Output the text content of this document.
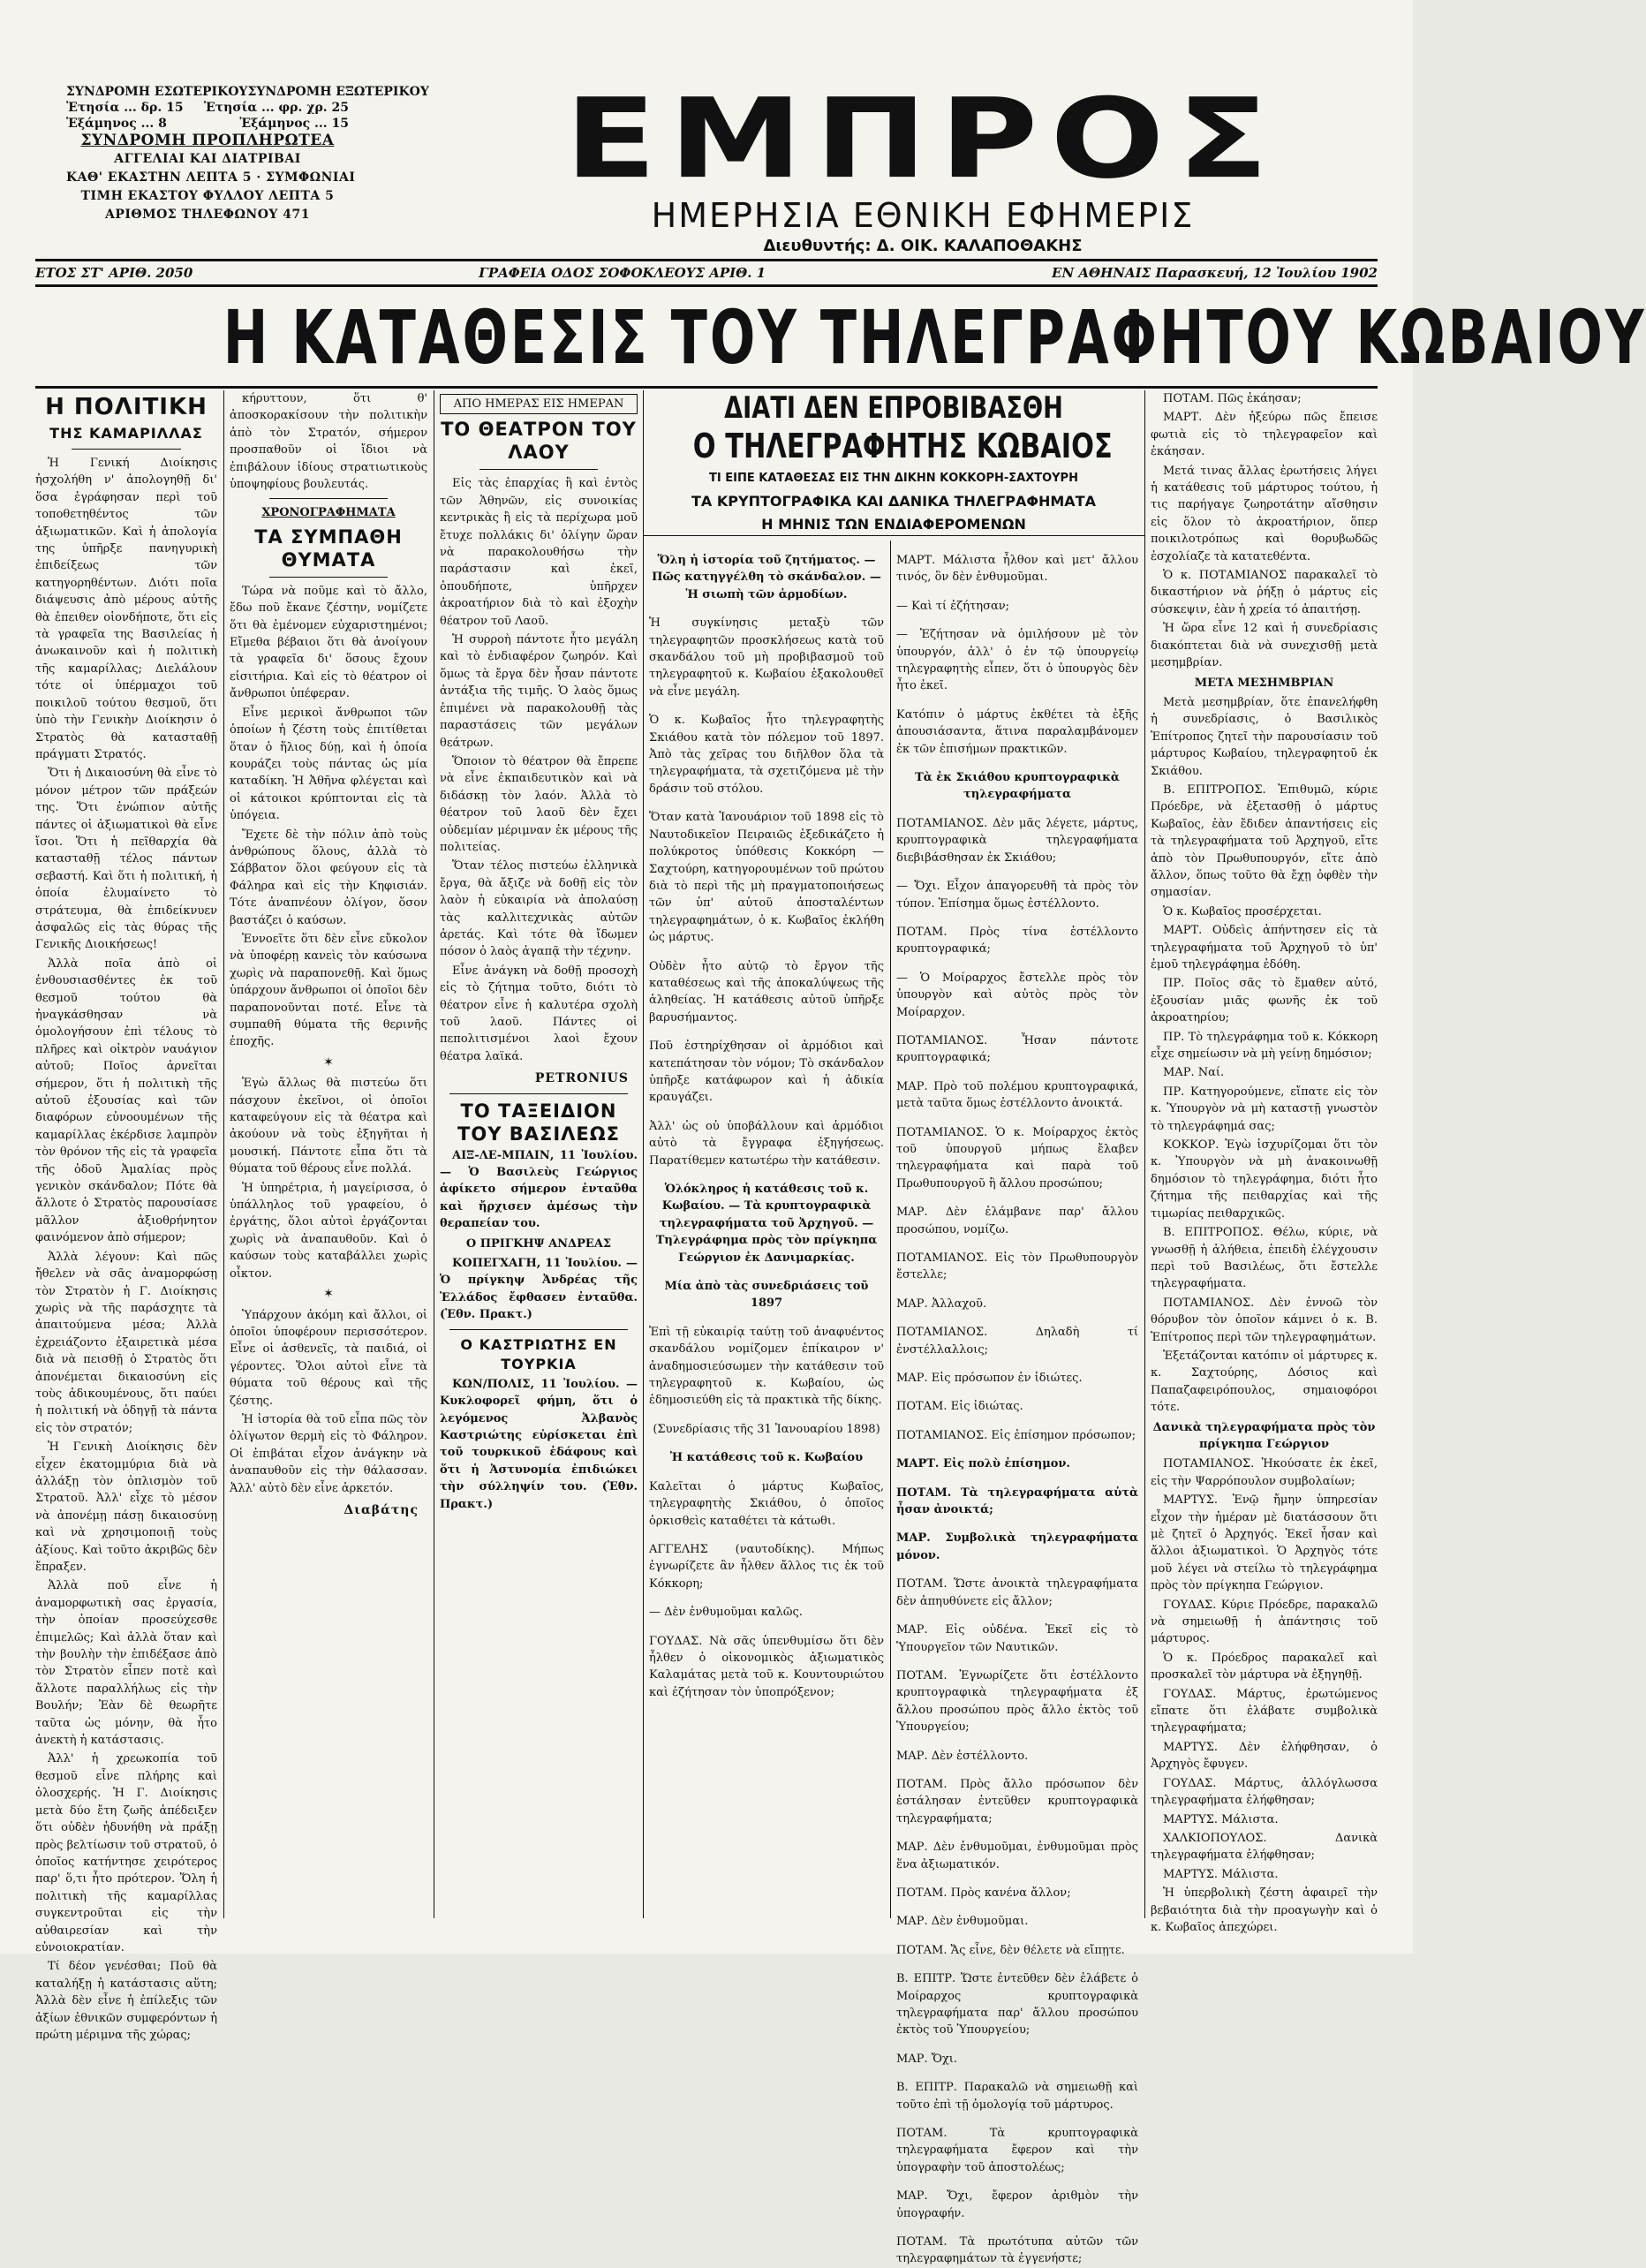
ΣΥΝΔΡΟΜΗ ΕΣΩΤΕΡΙΚΟΥ ΣΥΝΔΡΟΜΗ ΕΞΩΤΕΡΙΚΟΥ
Ἐτησία ... δρ. 15 Ἐτησία ... φρ. χρ. 25
Ἑξάμηνος ... 8	Ἑξάμηνος ... 15
ΣΥΝΔΡΟΜΗ ΠΡΟΠΛΗΡΩΤΕΑ
ΑΓΓΕΛΙΑΙ ΚΑΙ ΔΙΑΤΡΙΒΑΙ
ΚΑΘ' ΕΚΑΣΤΗΝ ΛΕΠΤΑ 5 · ΣΥΜΦΩΝΙΑΙ
ΤΙΜΗ ΕΚΑΣΤΟΥ ΦΥΛΛΟΥ ΛΕΠΤΑ 5
ΑΡΙΘΜΟΣ ΤΗΛΕΦΩΝΟΥ 471
ΕΜΠΡΟΣ
ΗΜΕΡΗΣΙΑ ΕΘΝΙΚΗ ΕΦΗΜΕΡΙΣ
Διευθυντής: Δ. ΟΙΚ. ΚΑΛΑΠΟΘΑΚΗΣ
ΕΤΟΣ ΣΤ' ΑΡΙΘ. 2050	ΓΡΑΦΕΙΑ ΟΔΟΣ ΣΟΦΟΚΛΕΟΥΣ ΑΡΙΘ. 1	ΕΝ ΑΘΗΝΑΙΣ Παρασκευή, 12 Ἰουλίου 1902
Η ΚΑΤΑΘΕΣΙΣ ΤΟΥ ΤΗΛΕΓΡΑΦΗΤΟΥ ΚΩΒΑΙΟΥ
Η ΠΟΛΙΤΙΚΗ
ΤΗΣ ΚΑΜΑΡΙΛΛΑΣ

Ἡ Γενική Διοίκησις ἠσχολήθη ν' ἀπολογηθῇ δι' ὅσα ἐγράφησαν περὶ τοῦ τοποθετηθέντος τῶν ἀξιωματικῶν. Καὶ ἡ ἀπολογία της ὑπῆρξε πανηγυρικὴ ἐπιδείξεως τῶν κατηγορηθέντων. Διότι ποῖα διάψευσις ἀπὸ μέρους αὐτῆς θὰ ἐπειθεν οἱονδήποτε, ὅτι εἰς τὰ γραφεῖα της Βασιλείας ἡ ἀνωκαινοῦν καὶ ἡ πολιτικὴ τῆς καμαρίλλας; Διελάλουν τότε οἱ ὑπέρμαχοι τοῦ ποικιλοῦ τούτου θεσμοῦ, ὅτι ὑπὸ τὴν Γενικὴν Διοίκησιν ὁ Στρατὸς θὰ κατασταθῇ πράγματι Στρατός.

Ὅτι ἡ Δικαιοσύνη θὰ εἶνε τὸ μόνον μέτρον τῶν πράξεών της. Ὅτι ἐνώπιον αὐτῆς πάντες οἱ ἀξιωματικοὶ θὰ εἶνε ἴσοι. Ὅτι ἡ πεῖθαρχία θὰ κατασταθῇ τέλος πάντων σεβαστή. Καὶ ὅτι ἡ πολιτική, ἡ ὁποία ἐλυμαίνετο τὸ στράτευμα, θὰ ἐπιδείκνυεν ἀσφαλῶς εἰς τὰς θύρας τῆς Γενικῆς Διοικήσεως!

Ἀλλὰ ποῖα ἀπὸ οἱ ἐνθουσιασθέντες ἐκ τοῦ θεσμοῦ τούτου θὰ ἠναγκάσθησαν νὰ ὁμολογήσουν ἐπὶ τέλους τὸ πλῆρες καὶ οἰκτρὸν ναυάγιον αὐτοῦ; Ποῖος ἀρνεῖται σήμερον, ὅτι ἡ πολιτικὴ τῆς αὐτοῦ ἐξουσίας καὶ τῶν διαφόρων εὐνοουμένων τῆς καμαρίλλας ἐκέρδισε λαμπρὸν τὸν θρόνον τῆς εἰς τὰ γραφεῖα τῆς ὁδοῦ Ἀμαλίας πρὸς γενικὸν σκάνδαλον; Πότε θὰ ἄλλοτε ὁ Στρατὸς παρουσίασε μᾶλλον ἀξιοθρήνητον φαινόμενον ἀπὸ σήμερον;

Ἀλλὰ λέγουν: Καὶ πῶς ἤθελεν νὰ σᾶς ἀναμορφώσῃ τὸν Στρατὸν ἡ Γ. Διοίκησις χωρὶς νὰ τῆς παράσχητε τὰ ἀπαιτούμενα μέσα; Ἀλλὰ ἐχρειάζοντο ἐξαιρετικὰ μέσα διὰ νὰ πεισθῇ ὁ Στρατὸς ὅτι ἀπονέμεται δικαιοσύνη εἰς τοὺς ἀδικουμένους, ὅτι παύει ἡ πολιτική νὰ ὁδηγῇ τὰ πάντα εἰς τὸν στρατόν;

Ἡ Γενικὴ Διοίκησις δὲν εἶχεν ἐκατομμύρια διὰ νὰ ἀλλάξῃ τὸν ὁπλισμὸν τοῦ Στρατοῦ. Ἀλλ' εἶχε τὸ μέσον νὰ ἀπονέμῃ πάσῃ δικαιοσύνῃ καὶ νὰ χρησιμοποιῇ τοὺς ἀξίους. Καὶ τοῦτο ἀκριβῶς δὲν ἔπραξεν.

Ἀλλὰ ποῦ εἶνε ἡ ἀναμορφωτικὴ σας ἐργασία, τὴν ὁποίαν προσεύχεσθε ἐπιμελῶς; Καὶ ἀλλὰ ὅταν καὶ τὴν βουλὴν τὴν ἐπιδέξασε ἀπὸ τὸν Στρατὸν εἶπεν ποτὲ καὶ ἄλλοτε παραλλήλως εἰς τὴν Βουλήν; Ἐὰν δὲ θεωρῆτε ταῦτα ὡς μόνην, θὰ ἦτο ἀνεκτὴ ἡ κατάστασις.

Ἀλλ' ἡ χρεωκοπία τοῦ θεσμοῦ εἶνε πλήρης καὶ ὁλοσχερής. Ἡ Γ. Διοίκησις μετὰ δύο ἔτη ζωῆς ἀπέδειξεν ὅτι οὐδὲν ἠδυνήθη νὰ πράξῃ πρὸς βελτίωσιν τοῦ στρατοῦ, ὁ ὁποῖος κατήντησε χειρότερος παρ' ὅ,τι ἦτο πρότερον. Ὅλη ἡ πολιτικὴ τῆς καμαρίλλας συγκεντροῦται εἰς τὴν αὐθαιρεσίαν καὶ τὴν εὐνοιοκρατίαν.

Τί δέον γενέσθαι; Ποῦ θὰ καταλήξῃ ἡ κατάστασις αὕτη; Ἀλλὰ δὲν εἶνε ἡ ἐπίλεξις τῶν ἀξίων ἐθνικῶν συμφερόντων ἡ πρώτη μέριμνα τῆς χώρας;

κήρυττουν, ὅτι θ' ἀποσκορακίσουν τὴν πολιτικὴν ἀπὸ τὸν Στρατόν, σήμερον προσπαθοῦν οἱ ἴδιοι νὰ ἐπιβάλουν ἰδίους στρατιωτικοὺς ὑποψηφίους βουλευτάς.

ΧΡΟΝΟΓΡΑΦΗΜΑΤΑ
ΤΑ ΣΥΜΠΑΘΗ ΘΥΜΑΤΑ

Τώρα νὰ ποῦμε καὶ τὸ ἄλλο, ἔδω ποῦ ἔκανε ζέστην, νομίζετε ὅτι θὰ ἐμένομεν εὐχαριστημένοι; Εἴμεθα βέβαιοι ὅτι θὰ ἀνοίγουν τὰ γραφεῖα δι' ὅσους ἔχουν εἰσιτήρια. Καὶ εἰς τὸ θέατρον οἱ ἄνθρωποι ὑπέφεραν.

Εἶνε μερικοὶ ἄνθρωποι τῶν ὁποίων ἡ ζέστη τοὺς ἐπιτίθεται ὅταν ὁ ἥλιος δύῃ, καὶ ἡ ὁποία κουράζει τοὺς πάντας ὡς μία καταδίκη. Ἡ Ἀθῆνα φλέγεται καὶ οἱ κάτοικοι κρύπτονται εἰς τὰ ὑπόγεια.

Ἔχετε δὲ τὴν πόλιν ἀπὸ τοὺς ἀνθρώπους ὅλους, ἀλλὰ τὸ Σάββατον ὅλοι φεύγουν εἰς τὰ Φάληρα καὶ εἰς τὴν Κηφισιάν. Τότε ἀναπνέουν ὀλίγον, ὅσον βαστάζει ὁ καύσων.

Ἐννοεῖτε ὅτι δὲν εἶνε εὔκολον νὰ ὑποφέρῃ κανεὶς τὸν καύσωνα χωρὶς νὰ παραπονεθῇ. Καὶ ὅμως ὑπάρχουν ἄνθρωποι οἱ ὁποῖοι δὲν παραπονοῦνται ποτέ. Εἶνε τὰ συμπαθῆ θύματα τῆς θερινῆς ἐποχῆς.

✶

Ἐγὼ ἄλλως θὰ πιστεύω ὅτι πάσχουν ἐκεῖνοι, οἱ ὁποῖοι καταφεύγουν εἰς τὰ θέατρα καὶ ἀκούουν νὰ τοὺς ἐξηγῆται ἡ μουσική. Πάντοτε εἶπα ὅτι τὰ θύματα τοῦ θέρους εἶνε πολλά.

Ἡ ὑπηρέτρια, ἡ μαγείρισσα, ὁ ὑπάλληλος τοῦ γραφείου, ὁ ἐργάτης, ὅλοι αὐτοὶ ἐργάζονται χωρὶς νὰ ἀναπαυθοῦν. Καὶ ὁ καύσων τοὺς καταβάλλει χωρὶς οἶκτον.

✶

Ὑπάρχουν ἀκόμη καὶ ἄλλοι, οἱ ὁποῖοι ὑποφέρουν περισσότερον. Εἶνε οἱ ἀσθενεῖς, τὰ παιδιά, οἱ γέροντες. Ὅλοι αὐτοὶ εἶνε τὰ θύματα τοῦ θέρους καὶ τῆς ζέστης.

Ἡ ἱστορία θὰ τοῦ εἶπα πῶς τὸν ὀλίγωτον θερμὴ εἰς τὸ Φάληρον. Οἱ ἐπιβάται εἶχον ἀνάγκην νὰ ἀναπαυθοῦν εἰς τὴν θάλασσαν. Ἀλλ' αὐτὸ δὲν εἶνε ἀρκετόν.

Διαβάτης
ΑΠΟ ΗΜΕΡΑΣ ΕΙΣ ΗΜΕΡΑΝ
ΤΟ ΘΕΑΤΡΟΝ ΤΟΥ ΛΑΟΥ

Εἰς τὰς ἐπαρχίας ἢ καὶ ἐντὸς τῶν Ἀθηνῶν, εἰς συνοικίας κεντρικὰς ἢ εἰς τὰ περίχωρα μοῦ ἔτυχε πολλάκις δι' ὀλίγην ὥραν νὰ παρακολουθήσω τὴν παράστασιν καὶ ἐκεῖ, ὁπουδήποτε, ὑπῆρχεν ἀκροατήριον διὰ τὸ καὶ ἐξοχὴν θέατρον τοῦ Λαοῦ.

Ἡ συρροὴ πάντοτε ἦτο μεγάλη καὶ τὸ ἐνδιαφέρον ζωηρόν. Καὶ ὅμως τὰ ἔργα δὲν ἦσαν πάντοτε ἀντάξια τῆς τιμῆς. Ὁ λαὸς ὅμως ἐπιμένει νὰ παρακολουθῇ τὰς παραστάσεις τῶν μεγάλων θεάτρων.

Ὅποιον τὸ θέατρον θὰ ἔπρεπε νὰ εἶνε ἐκπαιδευτικὸν καὶ νὰ διδάσκῃ τὸν λαόν. Ἀλλὰ τὸ θέατρον τοῦ λαοῦ δὲν ἔχει οὐδεμίαν μέριμναν ἐκ μέρους τῆς πολιτείας.

Ὅταν τέλος πιστεύω ἑλληνικὰ ἔργα, θὰ ἄξιζε νὰ δοθῇ εἰς τὸν λαὸν ἡ εὐκαιρία νὰ ἀπολαύσῃ τὰς καλλιτεχνικὰς αὐτῶν ἀρετάς. Καὶ τότε θὰ ἴδωμεν πόσον ὁ λαὸς ἀγαπᾷ τὴν τέχνην.

Εἶνε ἀνάγκη νὰ δοθῇ προσοχὴ εἰς τὸ ζήτημα τοῦτο, διότι τὸ θέατρον εἶνε ἡ καλυτέρα σχολὴ τοῦ λαοῦ. Πάντες οἱ πεπολιτισμένοι λαοὶ ἔχουν θέατρα λαϊκά.

PETRONIUS
ΤΟ ΤΑΞΕΙΔΙΟΝ ΤΟΥ ΒΑΣΙΛΕΩΣ

ΑΙΞ-ΛΕ-ΜΠΑΙΝ, 11 Ἰουλίου. — Ὁ Βασιλεὺς Γεώργιος ἀφίκετο σήμερον ἐνταῦθα καὶ ἤρχισεν ἀμέσως τὴν θεραπείαν του.

Ο ΠΡΙΓΚΗΨ ΑΝΔΡΕΑΣ

ΚΟΠΕΓΧΑΓΗ, 11 Ἰουλίου. — Ὁ πρίγκηψ Ἀνδρέας τῆς Ἑλλάδος ἔφθασεν ἐνταῦθα. (Ἐθν. Πρακτ.)

Ο ΚΑΣΤΡΙΩΤΗΣ ΕΝ ΤΟΥΡΚΙΑ

ΚΩΝ/ΠΟΛΙΣ, 11 Ἰουλίου. — Κυκλοφορεῖ φήμη, ὅτι ὁ λεγόμενος Ἀλβανὸς Καστριώτης εὑρίσκεται ἐπὶ τοῦ τουρκικοῦ ἐδάφους καὶ ὅτι ἡ Ἀστυνομία ἐπιδιώκει τὴν σύλληψίν του. (Ἐθν. Πρακτ.)

ΔΙΑΤΙ ΔΕΝ ΕΠΡΟΒΙΒΑΣΘΗ
Ο ΤΗΛΕΓΡΑΦΗΤΗΣ ΚΩΒΑΙΟΣ
ΤΙ ΕΙΠΕ ΚΑΤΑΘΕΣΑΣ ΕΙΣ ΤΗΝ ΔΙΚΗΝ ΚΟΚΚΟΡΗ-ΣΑΧΤΟΥΡΗ
ΤΑ ΚΡΥΠΤΟΓΡΑΦΙΚΑ ΚΑΙ ΔΑΝΙΚΑ ΤΗΛΕΓΡΑΦΗΜΑΤΑ
Η ΜΗΝΙΣ ΤΩΝ ΕΝΔΙΑΦΕΡΟΜΕΝΩΝ

Ὅλη ἡ ἱστορία τοῦ ζητήματος. — Πῶς κατηγγέλθη τὸ σκάνδαλον. — Ἡ σιωπὴ τῶν ἁρμοδίων.

Ἡ συγκίνησις μεταξὺ τῶν τηλεγραφητῶν προσκλήσεως κατὰ τοῦ σκανδάλου τοῦ μὴ προβιβασμοῦ τοῦ τηλεγραφητοῦ κ. Κωβαίου ἐξακολουθεῖ νὰ εἶνε μεγάλη.

Ὁ κ. Κωβαῖος ἦτο τηλεγραφητὴς Σκιάθου κατὰ τὸν πόλεμον τοῦ 1897. Ἀπὸ τὰς χεῖρας του διῆλθον ὅλα τὰ τηλεγραφήματα, τὰ σχετιζόμενα μὲ τὴν δράσιν τοῦ στόλου.

Ὅταν κατὰ Ἰανουάριον τοῦ 1898 εἰς τὸ Ναυτοδικεῖον Πειραιῶς ἐξεδικάζετο ἡ πολύκροτος ὑπόθεσις Κοκκόρη — Σαχτούρη, κατηγορουμένων τοῦ πρώτου διὰ τὸ περὶ τῆς μὴ πραγματοποιήσεως τῶν ὑπ' αὐτοῦ ἀποσταλέντων τηλεγραφημάτων, ὁ κ. Κωβαῖος ἐκλήθη ὡς μάρτυς.

Οὐδὲν ἦτο αὐτῷ τὸ ἔργον τῆς καταθέσεως καὶ τῆς ἀποκαλύψεως τῆς ἀληθείας. Ἡ κατάθεσις αὐτοῦ ὑπῆρξε βαρυσήμαντος.

Ποῦ ἐστηρίχθησαν οἱ ἁρμόδιοι καὶ κατεπάτησαν τὸν νόμον; Τὸ σκάνδαλον ὑπῆρξε κατάφωρον καὶ ἡ ἀδικία κραυγάζει.

Ἀλλ' ὡς οὐ ὑποβάλλουν καὶ ἁρμόδιοι αὐτὸ τὰ ἔγγραφα ἐξηγήσεως. Παρατίθεμεν κατωτέρω τὴν κατάθεσιν.

Ὁλόκληρος ἡ κατάθεσις τοῦ κ. Κωβαίου. — Τὰ κρυπτογραφικὰ τηλεγραφήματα τοῦ Ἀρχηγοῦ. — Τηλεγράφημα πρὸς τὸν πρίγκηπα Γεώργιον ἐκ Δανιμαρκίας.

Μία ἀπὸ τὰς συνεδριάσεις τοῦ 1897

Ἐπὶ τῇ εὐκαιρίᾳ ταύτῃ τοῦ ἀναφυέντος σκανδάλου νομίζομεν ἐπίκαιρον ν' ἀναδημοσιεύσωμεν τὴν κατάθεσιν τοῦ τηλεγραφητοῦ κ. Κωβαίου, ὡς ἐδημοσιεύθη εἰς τὰ πρακτικὰ τῆς δίκης.

(Συνεδρίασις τῆς 31 Ἰανουαρίου 1898)

Ἡ κατάθεσις τοῦ κ. Κωβαίου

Καλεῖται ὁ μάρτυς Κωβαῖος, τηλεγραφητὴς Σκιάθου, ὁ ὁποῖος ὁρκισθεὶς καταθέτει τὰ κάτωθι.

ΑΓΓΕΛΗΣ (ναυτοδίκης). Μήπως ἐγνωρίζετε ἂν ἦλθεν ἄλλος τις ἐκ τοῦ Κόκκορη;

— Δὲν ἐνθυμοῦμαι καλῶς.

ΓΟΥΔΑΣ. Νὰ σᾶς ὑπενθυμίσω ὅτι δὲν ἦλθεν ὁ οἰκονομικὸς ἀξιωματικὸς Καλαμάτας μετὰ τοῦ κ. Κουντουριώτου καὶ ἐζήτησαν τὸν ὑποπρόξενον;

ΜΑΡΤ. Μάλιστα ἦλθον καὶ μετ' ἄλλου τινός, ὃν δὲν ἐνθυμοῦμαι.

— Καὶ τί ἐζήτησαν;

— Ἐζήτησαν νὰ ὁμιλήσουν μὲ τὸν ὑπουργόν, ἀλλ' ὁ ἐν τῷ ὑπουργείῳ τηλεγραφητὴς εἶπεν, ὅτι ὁ ὑπουργὸς δὲν ἦτο ἐκεῖ.

Κατόπιν ὁ μάρτυς ἐκθέτει τὰ ἐξῆς ἀπουσιάσαντα, ἅτινα παραλαμβάνομεν ἐκ τῶν ἐπισήμων πρακτικῶν.

Τὰ ἐκ Σκιάθου κρυπτογραφικὰ τηλεγραφήματα

ΠΟΤΑΜΙΑΝΟΣ. Δὲν μᾶς λέγετε, μάρτυς, κρυπτογραφικὰ τηλεγραφήματα διεβιβάσθησαν ἐκ Σκιάθου;

— Ὄχι. Εἶχον ἀπαγορευθῆ τὰ πρὸς τὸν τύπον. Ἐπίσημα ὅμως ἐστέλλοντο.

ΠΟΤΑΜ. Πρὸς τίνα ἐστέλλοντο κρυπτογραφικά;

— Ὁ Μοίραρχος ἔστελλε πρὸς τὸν ὑπουργὸν καὶ αὐτὸς πρὸς τὸν Μοίραρχον.

ΠΟΤΑΜΙΑΝΟΣ. Ἦσαν πάντοτε κρυπτογραφικά;

ΜΑΡ. Πρὸ τοῦ πολέμου κρυπτογραφικά, μετὰ ταῦτα ὅμως ἐστέλλοντο ἀνοικτά.

ΠΟΤΑΜΙΑΝΟΣ. Ὁ κ. Μοίραρχος ἐκτὸς τοῦ ὑπουργοῦ μήπως ἔλαβεν τηλεγραφήματα καὶ παρὰ τοῦ Πρωθυπουργοῦ ἢ ἄλλου προσώπου;

ΜΑΡ. Δὲν ἐλάμβανε παρ' ἄλλου προσώπου, νομίζω.

ΠΟΤΑΜΙΑΝΟΣ. Εἰς τὸν Πρωθυπουργὸν ἔστελλε;

ΜΑΡ. Ἀλλαχοῦ.

ΠΟΤΑΜΙΑΝΟΣ. Δηλαδὴ τί ἐνστέλλαλλοις;

ΜΑΡ. Εἰς πρόσωπον ἐν ἰδιώτες.

ΠΟΤΑΜ. Εἰς ἰδιώτας.

ΠΟΤΑΜΙΑΝΟΣ. Εἰς ἐπίσημον πρόσωπον;

ΜΑΡΤ. Εἰς πολὺ ἐπίσημον.

ΠΟΤΑΜ. Τὰ τηλεγραφήματα αὐτὰ ἦσαν ἀνοικτά;

ΜΑΡ. Συμβολικὰ τηλεγραφήματα μόνον.

ΠΟΤΑΜ. Ὥστε ἀνοικτὰ τηλεγραφήματα δὲν ἀπηυθύνετε εἰς ἄλλον;

ΜΑΡ. Εἰς οὐδένα. Ἐκεῖ εἰς τὸ Ὑπουργεῖον τῶν Ναυτικῶν.

ΠΟΤΑΜ. Ἐγνωρίζετε ὅτι ἐστέλλοντο κρυπτογραφικὰ τηλεγραφήματα ἐξ ἄλλου προσώπου πρὸς ἄλλο ἐκτὸς τοῦ Ὑπουργείου;

ΜΑΡ. Δὲν ἐστέλλοντο.

ΠΟΤΑΜ. Πρὸς ἄλλο πρόσωπον δὲν ἐστάλησαν ἐντεῦθεν κρυπτογραφικὰ τηλεγραφήματα;

ΜΑΡ. Δὲν ἐνθυμοῦμαι, ἐνθυμοῦμαι πρὸς ἕνα ἀξιωματικόν.

ΠΟΤΑΜ. Πρὸς κανένα ἄλλον;

ΜΑΡ. Δὲν ἐνθυμοῦμαι.

ΠΟΤΑΜ. Ἄς εἶνε, δὲν θέλετε νὰ εἴπῃτε.

Β. ΕΠΙΤΡ. Ὥστε ἐντεῦθεν δὲν ἐλάβετε ὁ Μοίραρχος κρυπτογραφικὰ τηλεγραφήματα παρ' ἄλλου προσώπου ἐκτὸς τοῦ Ὑπουργείου;

ΜΑΡ. Ὄχι.

Β. ΕΠΙΤΡ. Παρακαλῶ νὰ σημειωθῇ καὶ τοῦτο ἐπὶ τῇ ὁμολογίᾳ τοῦ μάρτυρος.

ΠΟΤΑΜ. Τὰ κρυπτογραφικὰ τηλεγραφήματα ἔφερον καὶ τὴν ὑπογραφὴν τοῦ ἀποστολέως;

ΜΑΡ. Ὄχι, ἔφερον ἀριθμὸν τὴν ὑπογραφήν.

ΠΟΤΑΜ. Τὰ πρωτότυπα αὐτῶν τῶν τηλεγραφημάτων τὰ ἐγγενήστε;

ΠΟΤΑΜ. Πῶς ἐκάησαν;

ΜΑΡΤ. Δὲν ἠξεύρω πῶς ἔπεισε φωτιὰ εἰς τὸ τηλεγραφεῖον καὶ ἐκάησαν.

Μετά τινας ἄλλας ἐρωτήσεις λήγει ἡ κατάθεσις τοῦ μάρτυρος τούτου, ἡ τις παρήγαγε ζωηροτάτην αἴσθησιν εἰς ὅλον τὸ ἀκροατήριον, ὅπερ ποικιλοτρόπως καὶ θορυβωδῶς ἐσχολίαζε τὰ κατατεθέντα.

Ὁ κ. ΠΟΤΑΜΙΑΝΟΣ παρακαλεῖ τὸ δικαστήριον νὰ ῥήξῃ ὁ μάρτυς εἰς σύσκεψιν, ἐὰν ἡ χρεία τό ἀπαιτήσῃ.

Ἡ ὥρα εἶνε 12 καὶ ἡ συνεδρίασις διακόπτεται διὰ νὰ συνεχισθῇ μετὰ μεσημβρίαν.

ΜΕΤΑ ΜΕΣΗΜΒΡΙΑΝ

Μετὰ μεσημβρίαν, ὅτε ἐπανελήφθη ἡ συνεδρίασις, ὁ Βασιλικὸς Ἐπίτροπος ζητεῖ τὴν παρουσίασιν τοῦ μάρτυρος Κωβαίου, τηλεγραφητοῦ ἐκ Σκιάθου.

Β. ΕΠΙΤΡΟΠΟΣ. Ἐπιθυμῶ, κύριε Πρόεδρε, νὰ ἐξετασθῇ ὁ μάρτυς Κωβαῖος, ἐὰν ἔδιδεν ἀπαντήσεις εἰς τὰ τηλεγραφήματα τοῦ Ἀρχηγοῦ, εἴτε ἀπὸ τὸν Πρωθυπουργόν, εἴτε ἀπὸ ἄλλον, ὅπως τοῦτο θὰ ἔχῃ ὀφθὲν τὴν σημασίαν.

Ὁ κ. Κωβαῖος προσέρχεται.

ΜΑΡΤ. Οὐδεὶς ἀπήντησεν εἰς τὰ τηλεγραφήματα τοῦ Ἀρχηγοῦ τὸ ὑπ' ἐμοῦ τηλεγράφημα ἐδόθη.

ΠΡ. Ποῖος σᾶς τὸ ἔμαθεν αὐτό, ἐξουσίαν μιᾶς φωνῆς ἐκ τοῦ ἀκροατηρίου;

ΠΡ. Τὸ τηλεγράφημα τοῦ κ. Κόκκορη εἶχε σημείωσιν νὰ μὴ γείνῃ δημόσιον;

ΜΑΡ. Ναί.

ΠΡ. Κατηγορούμενε, εἴπατε εἰς τὸν κ. Ὑπουργὸν νὰ μὴ καταστῇ γνωστὸν τὸ τηλεγράφημά σας;

ΚΟΚΚΟΡ. Ἐγὼ ἰσχυρίζομαι ὅτι τὸν κ. Ὑπουργὸν νὰ μὴ ἀνακοινωθῇ δημόσιον τὸ τηλεγράφημα, διότι ἦτο ζήτημα τῆς πειθαρχίας καὶ τῆς τιμωρίας πειθαρχικῶς.

Β. ΕΠΙΤΡΟΠΟΣ. Θέλω, κύριε, νὰ γνωσθῇ ἡ ἀλήθεια, ἐπειδὴ ἐλέγχουσιν περὶ τοῦ Βασιλέως, ὅτι ἔστελλε τηλεγραφήματα.

ΠΟΤΑΜΙΑΝΟΣ. Δὲν ἐννοῶ τὸν θόρυβον τὸν ὁποῖον κάμνει ὁ κ. Β. Ἐπίτροπος περὶ τῶν τηλεγραφημάτων.

Ἐξετάζονται κατόπιν οἱ μάρτυρες κ. κ. Σαχτούρης, Δόσιος καὶ Παπαζαφειρόπουλος, σημαιοφόροι τότε.

Δανικὰ τηλεγραφήματα πρὸς τὸν πρίγκηπα Γεώργιον

ΠΟΤΑΜΙΑΝΟΣ. Ἠκούσατε ἐκ ἐκεῖ, εἰς τὴν Ψαρρόπουλον συμβολαίων;

ΜΑΡΤΥΣ. Ἐνῷ ἤμην ὑπηρεσίαν εἶχον τὴν ἡμέραν μὲ διατάσσουν ὅτι μὲ ζητεῖ ὁ Ἀρχηγός. Ἐκεῖ ἦσαν καὶ ἄλλοι ἀξιωματικοὶ. Ὁ Ἀρχηγὸς τότε μοῦ λέγει νὰ στείλω τὸ τηλεγράφημα πρὸς τὸν πρίγκηπα Γεώργιον.

ΓΟΥΔΑΣ. Κύριε Πρόεδρε, παρακαλῶ νὰ σημειωθῇ ἡ ἀπάντησις τοῦ μάρτυρος.

Ὁ κ. Πρόεδρος παρακαλεῖ καὶ προσκαλεῖ τὸν μάρτυρα νὰ ἐξηγηθῇ.

ΓΟΥΔΑΣ. Μάρτυς, ἐρωτώμενος εἴπατε ὅτι ἐλάβατε συμβολικὰ τηλεγραφήματα;

ΜΑΡΤΥΣ. Δὲν ἐλήφθησαν, ὁ Ἀρχηγὸς ἔφυγεν.

ΓΟΥΔΑΣ. Μάρτυς, ἀλλόγλωσσα τηλεγραφήματα ἐλήφθησαν;

ΜΑΡΤΥΣ. Μάλιστα.

ΧΑΛΚΙΟΠΟΥΛΟΣ. Δανικὰ τηλεγραφήματα ἐλήφθησαν;

ΜΑΡΤΥΣ. Μάλιστα.

Ἡ ὑπερβολικὴ ζέστη ἀφαιρεῖ τὴν βεβαιότητα διὰ τὴν προαγωγὴν καὶ ὁ κ. Κωβαῖος ἀπεχώρει.
